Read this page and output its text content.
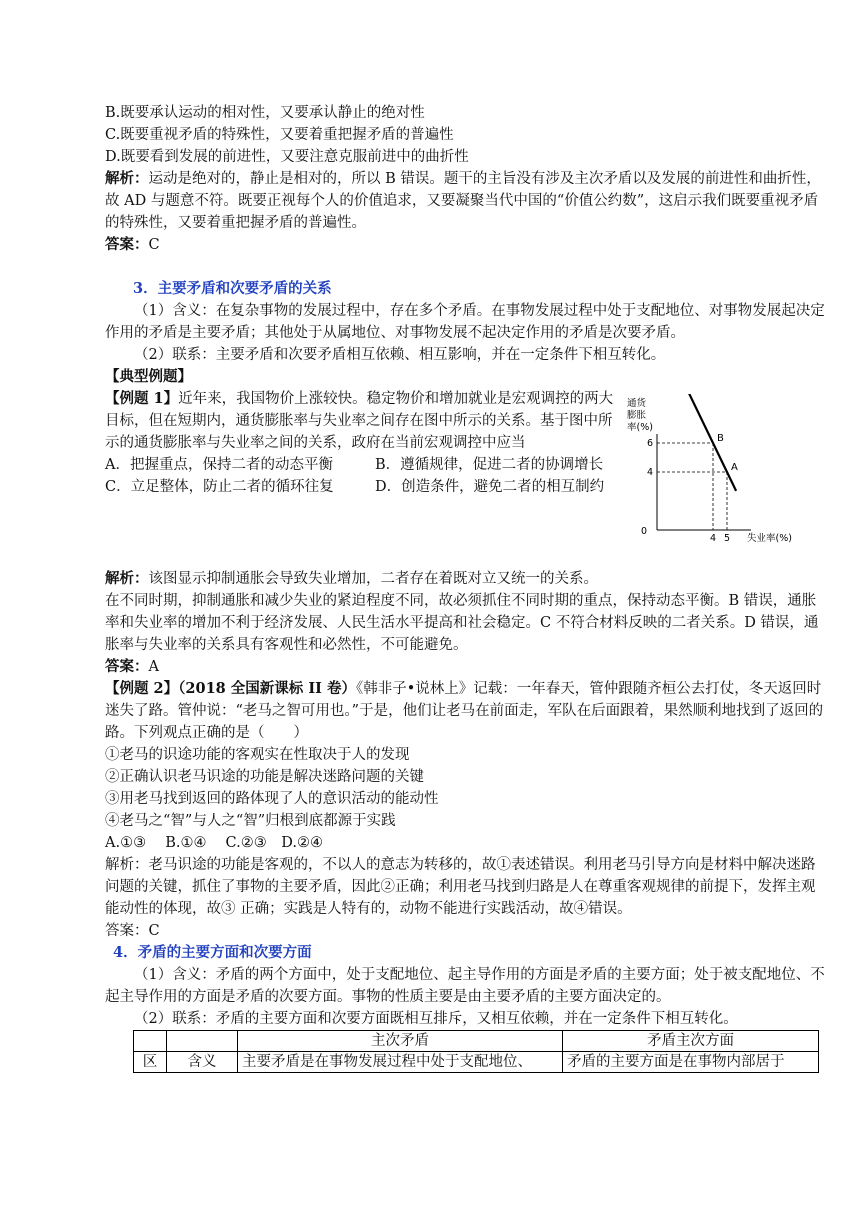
B.既要承认运动的相对性，又要承认静止的绝对性

C.既要重视矛盾的特殊性，又要着重把握矛盾的普遍性

D.既要看到发展的前进性，又要注意克服前进中的曲折性

解析：运动是绝对的，静止是相对的，所以 B 错误。题干的主旨没有涉及主次矛盾以及发展的前进性和曲折性，故 AD 与题意不符。既要正视每个人的价值追求，又要凝聚当代中国的“价值公约数”，这启示我们既要重视矛盾的特殊性，又要着重把握矛盾的普遍性。

答案：C

3．主要矛盾和次要矛盾的关系

（1）含义：在复杂事物的发展过程中，存在多个矛盾。在事物发展过程中处于支配地位、对事物发展起决定作用的矛盾是主要矛盾；其他处于从属地位、对事物发展不起决定作用的矛盾是次要矛盾。

（2）联系：主要矛盾和次要矛盾相互依赖、相互影响，并在一定条件下相互转化。

【典型例题】

【例题 1】近年来，我国物价上涨较快。稳定物价和增加就业是宏观调控的两大目标，但在短期内，通货膨胀率与失业率之间存在图中所示的关系。基于图中所示的通货膨胀率与失业率之间的关系，政府在当前宏观调控中应当

A．把握重点，保持二者的动态平衡	B．遵循规律，促进二者的协调增长

C．立足整体，防止二者的循环往复	D．创造条件，避免二者的相互制约

通货
膨胀
率(%)
0
失业率(%)
B
A
6
4
4 5

解析：该图显示抑制通胀会导致失业增加，二者存在着既对立又统一的关系。

在不同时期，抑制通胀和减少失业的紧迫程度不同，故必须抓住不同时期的重点，保持动态平衡。B 错误，通胀率和失业率的增加不利于经济发展、人民生活水平提高和社会稳定。C 不符合材料反映的二者关系。D 错误，通胀率与失业率的关系具有客观性和必然性，不可能避免。

答案：A

【例题 2】（2018 全国新课标 II 卷）《韩非子•说林上》记载：一年春天，管仲跟随齐桓公去打仗，冬天返回时迷失了路。管仲说：“老马之智可用也。”于是，他们让老马在前面走，军队在后面跟着，果然顺利地找到了返回的路。下列观点正确的是（　　）

①老马的识途功能的客观实在性取决于人的发现

②正确认识老马识途的功能是解决迷路问题的关键

③用老马找到返回的路体现了人的意识活动的能动性

④老马之“智”与人之“智”归根到底都源于实践

A.①③　 B.①④　 C.②③　D.②④

解析：老马识途的功能是客观的，不以人的意志为转移的，故①表述错误。利用老马引导方向是材料中解决迷路问题的关键，抓住了事物的主要矛盾，因此②正确；利用老马找到归路是人在尊重客观规律的前提下，发挥主观能动性的体现，故③ 正确；实践是人特有的，动物不能进行实践活动，故④错误。

答案：C

4．矛盾的主要方面和次要方面

（1）含义：矛盾的两个方面中，处于支配地位、起主导作用的方面是矛盾的主要方面；处于被支配地位、不起主导作用的方面是矛盾的次要方面。事物的性质主要是由主要矛盾的主要方面决定的。

（2）联系：矛盾的主要方面和次要方面既相互排斥，又相互依赖，并在一定条件下相互转化。

		主次矛盾	矛盾主次方面
区	含义	主要矛盾是在事物发展过程中处于支配地位、	矛盾的主要方面是在事物内部居于
